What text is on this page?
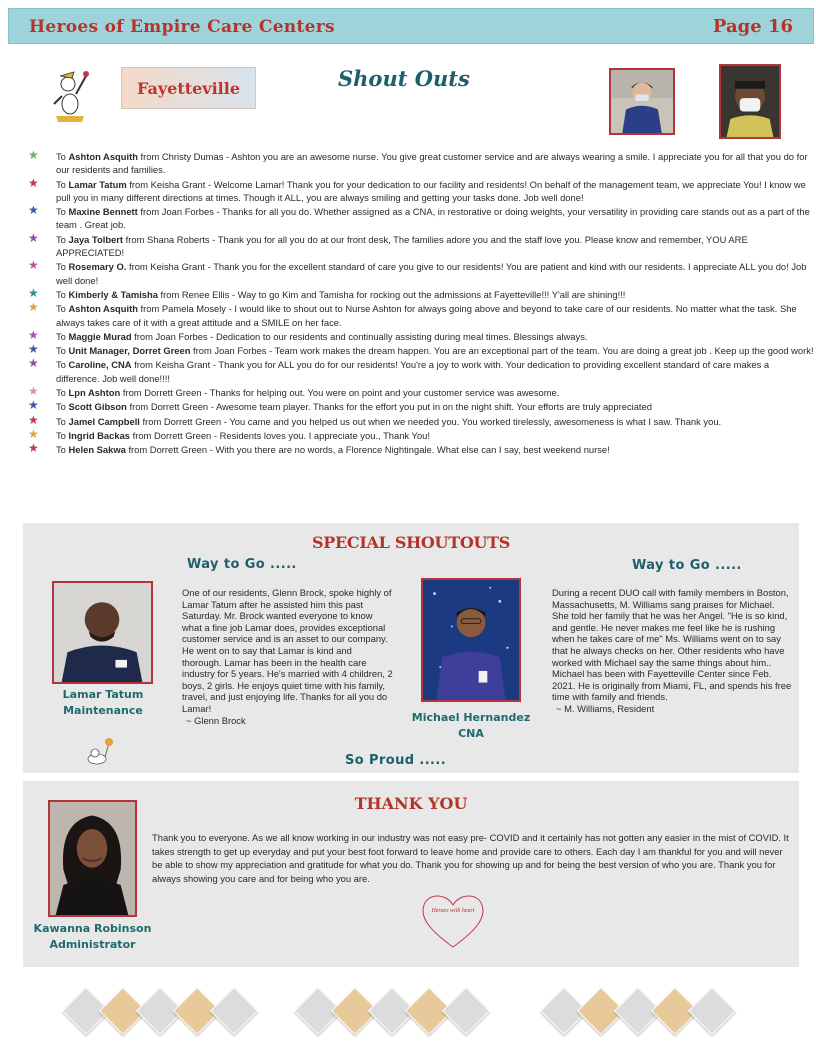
Heroes of Empire Care Centers	Page 16
Fayetteville	Shout Outs
★ To Ashton Asquith from Christy Dumas - Ashton you are an awesome nurse. You give great customer service and are always wearing a smile. I appreciate you for all that you do for our residents and families.
★ To Lamar Tatum from Keisha Grant - Welcome Lamar! Thank you for your dedication to our facility and residents! On behalf of the management team, we appreciate You! I know we pull you in many different directions at times. Though it ALL, you are always smiling and getting your tasks done. Job well done!
★ To Maxine Bennett from Joan Forbes - Thanks for all you do. Whether assigned as a CNA, in restorative or doing weights, your versatility in providing care stands out as a part of the team . Great job.
★ To Jaya Tolbert from Shana Roberts - Thank you for all you do at our front desk, The families adore you and the staff love you. Please know and remember, YOU ARE APPRECIATED!
★ To Rosemary O. from Keisha Grant - Thank you for the excellent standard of care you give to our residents! You are patient and kind with our residents. I appreciate ALL you do! Job well done!
★ To Kimberly & Tamisha from Renee Ellis - Way to go Kim and Tamisha for rocking out the admissions at Fayetteville!!! Y'all are shining!!!
★ To Ashton Asquith from Pamela Mosely - I would like to shout out to Nurse Ashton for always going above and beyond to take care of our residents. No matter what the task. She always takes care of it with a great attitude and a SMILE on her face.
★ To Maggie Murad from Joan Forbes - Dedication to our residents and continually assisting during meal times. Blessings always.
★ To Unit Manager, Dorret Green from Joan Forbes - Team work makes the dream happen. You are an exceptional part of the team. You are doing a great job . Keep up the good work!
★ To Caroline, CNA from Keisha Grant - Thank you for ALL you do for our residents! You're a joy to work with. Your dedication to providing excellent standard of care makes a difference. Job well done!!!!
★ To Lpn Ashton from Dorrett Green - Thanks for helping out. You were on point and your customer service was awesome.
★ To Scott Gibson from Dorrett Green - Awesome team player. Thanks for the effort you put in on the night shift. Your efforts are truly appreciated
★ To Jamel Campbell from Dorrett Green - You came and you helped us out when we needed you. You worked tirelessly, awesomeness is what I saw. Thank you.
★ To Ingrid Backas from Dorrett Green - Residents loves you. I appreciate you., Thank You!
★ To Helen Sakwa from Dorrett Green - With you there are no words, a Florence Nightingale. What else can I say, best weekend nurse!
SPECIAL SHOUTOUTS
Way to Go .....	Way to Go .....
Lamar Tatum
Maintenance
One of our residents, Glenn Brock, spoke highly of Lamar Tatum after he assisted him this past Saturday. Mr. Brock wanted everyone to know what a fine job Lamar does, provides exceptional customer service and is an asset to our company. He went on to say that Lamar is kind and thorough. Lamar has been in the health care industry for 5 years. He's married with 4 children, 2 boys, 2 girls. He enjoys quiet time with his family, travel, and just enjoying life. Thanks for all you do Lamar!
~ Glenn Brock	Michael Hernandez
CNA
So Proud .....
During a recent DUO call with family members in Boston, Massachusetts, M. Williams sang praises for Michael. She told her family that he was her Angel. "He is so kind, and gentle. He never makes me feel like he is rushing when he takes care of me" Ms. Williams went on to say that he always checks on her. Other residents who have worked with Michael say the same things about him.. Michael has been with Fayetteville Center since Feb. 2021. He is originally from Miami, FL, and spends his free time with family and friends.
~ M. Williams, Resident
THANK YOU
Kawanna Robinson
Administrator
Thank you to everyone. As we all know working in our industry was not easy pre- COVID and it certainly has not gotten any easier in the mist of COVID. It takes strength to get up everyday and put your best foot forward to leave home and provide care to others. Each day I am thankful for you and will never be able to show my appreciation and gratitude for what you do. Thank you for showing up and for being the best version of who you are. Thank you for always showing you care and for being who you are.
Heroes with heart
